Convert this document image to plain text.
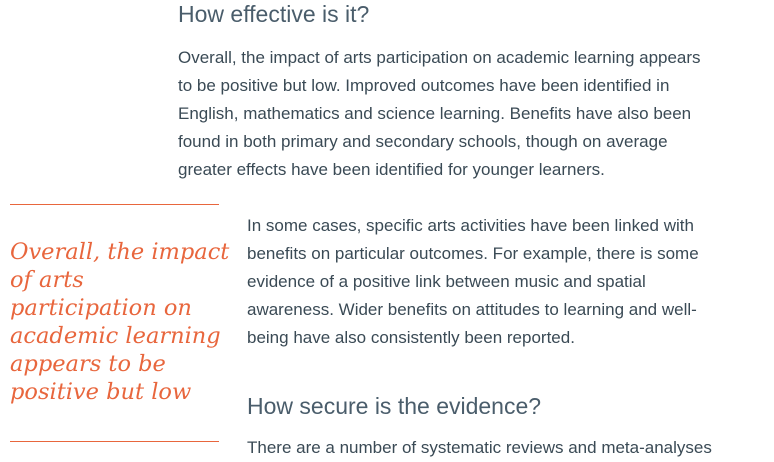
How effective is it?
Overall, the impact of arts participation on academic learning appears
to be positive but low. Improved outcomes have been identified in
English, mathematics and science learning. Benefits have also been
found in both primary and secondary schools, though on average
greater effects have been identified for younger learners.
Overall, the impact
of arts
participation on
academic learning
appears to be
positive but low
In some cases, specific arts activities have been linked with
benefits on particular outcomes. For example, there is some
evidence of a positive link between music and spatial
awareness. Wider benefits on attitudes to learning and well-
being have also consistently been reported.
How secure is the evidence?
There are a number of systematic reviews and meta-analyses
